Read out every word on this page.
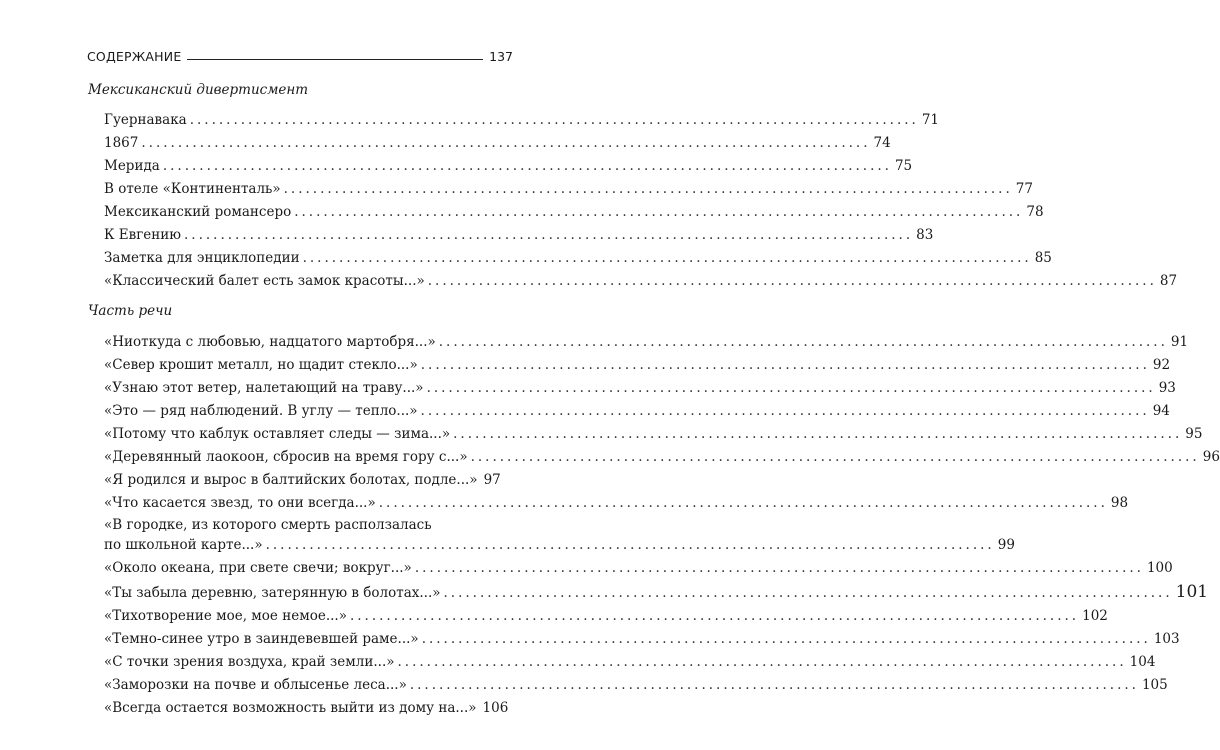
СОДЕРЖАНИЕ	137
Мексиканский дивертисмент
Гуернавака .................................................................................................... 71
1867 .................................................................................................... 74
Мерида .................................................................................................... 75
В отеле «Континенталь» .................................................................................................... 77
Мексиканский романсеро .................................................................................................... 78
К Евгению .................................................................................................... 83
Заметка для энциклопедии .................................................................................................... 85
«Классический балет есть замок красоты...» .................................................................................................... 87
Часть речи
«Ниоткуда с любовью, надцатого мартобря...» .................................................................................................... 91
«Север крошит металл, но щадит стекло...» .................................................................................................... 92
«Узнаю этот ветер, налетающий на траву...» .................................................................................................... 93
«Это — ряд наблюдений. В углу — тепло...» .................................................................................................... 94
«Потому что каблук оставляет следы — зима...» .................................................................................................... 95
«Деревянный лаокоон, сбросив на время гору с...» .................................................................................................... 96
«Я родился и вырос в балтийских болотах, подле...» 97
«Что касается звезд, то они всегда...» .................................................................................................... 98
«В городке, из которого смерть расползалась
по школьной карте...» .................................................................................................... 99
«Около океана, при свете свечи; вокруг...» .................................................................................................... 100
«Ты забыла деревню, затерянную в болотах...» .................................................................................................... 101
«Тихотворение мое, мое немое...» .................................................................................................... 102
«Темно-синее утро в заиндевевшей раме...» .................................................................................................... 103
«С точки зрения воздуха, край земли...» .................................................................................................... 104
«Заморозки на почве и облысенье леса...» .................................................................................................... 105
«Всегда остается возможность выйти из дому на...» 106
